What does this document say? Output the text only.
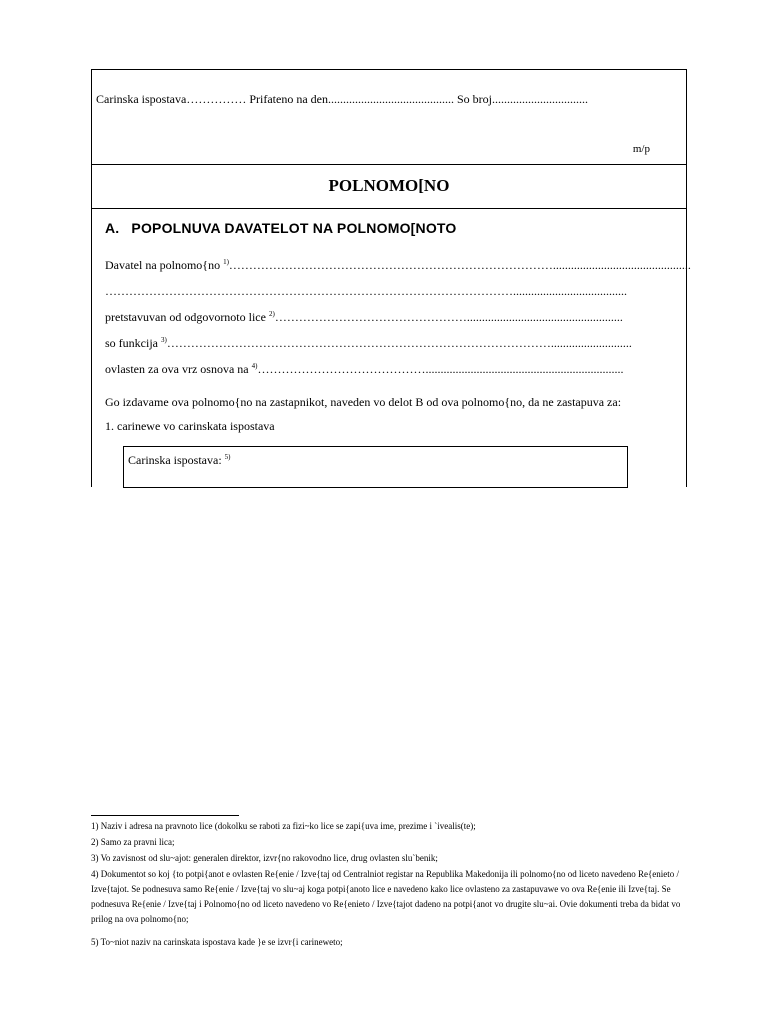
Carinska ispostava…………… Prifateno na den.......................................... So broj................................
m/p
POLNOMO[NO
A. POPOLNUVA DAVATELOT NA POLNOMO[NOTO
Davatel na polnomo{no $^{1)}$………………………………………………………………………..............................................
…………………………………………………………………………………………......................................
pretstavuvan od odgovornoto lice $^{2)}$…………………………………………....................................................
so funkcija $^{3)}$……………………………………………………………………………………...........................
ovlasten za ova vrz osnova na $^{4)}$……………………………………..................................................................
Go izdavame ova polnomo{no na zastapnikot, naveden vo delot B od ova polnomo{no, da ne zastapuva za:
1. carinewe vo carinskata ispostava
Carinska ispostava: $^{5)}$
1) Naziv i adresa na pravnoto lice (dokolku se raboti za fizi~ko lice se zapi{uva ime, prezime i `ivealis(te);
2) Samo za pravni lica;
3) Vo zavisnost od slu~ajot: generalen direktor, izvr{no rakovodno lice, drug ovlasten slu`benik;
4) Dokumentot so koj {to potpi{anot e ovlasten Re{enie / Izve{taj od Centralniot registar na Republika Makedonija ili polnomo{no od liceto navedeno Re{enieto / Izve{tajot. Se podnesuva samo Re{enie / Izve{taj vo slu~aj koga potpi{anoto lice e navedeno kako lice ovlasteno za zastapuvawe vo ova Re{enie ili Izve{taj. Se podnesuva Re{enie / Izve{taj i Polnomo{no od liceto navedeno vo Re{enieto / Izve{tajot dadeno na potpi{anot vo drugite slu~ai. Ovie dokumenti treba da bidat vo prilog na ova polnomo{no;
5) To~niot naziv na carinskata ispostava kade }e se izvr{i carineweto;
